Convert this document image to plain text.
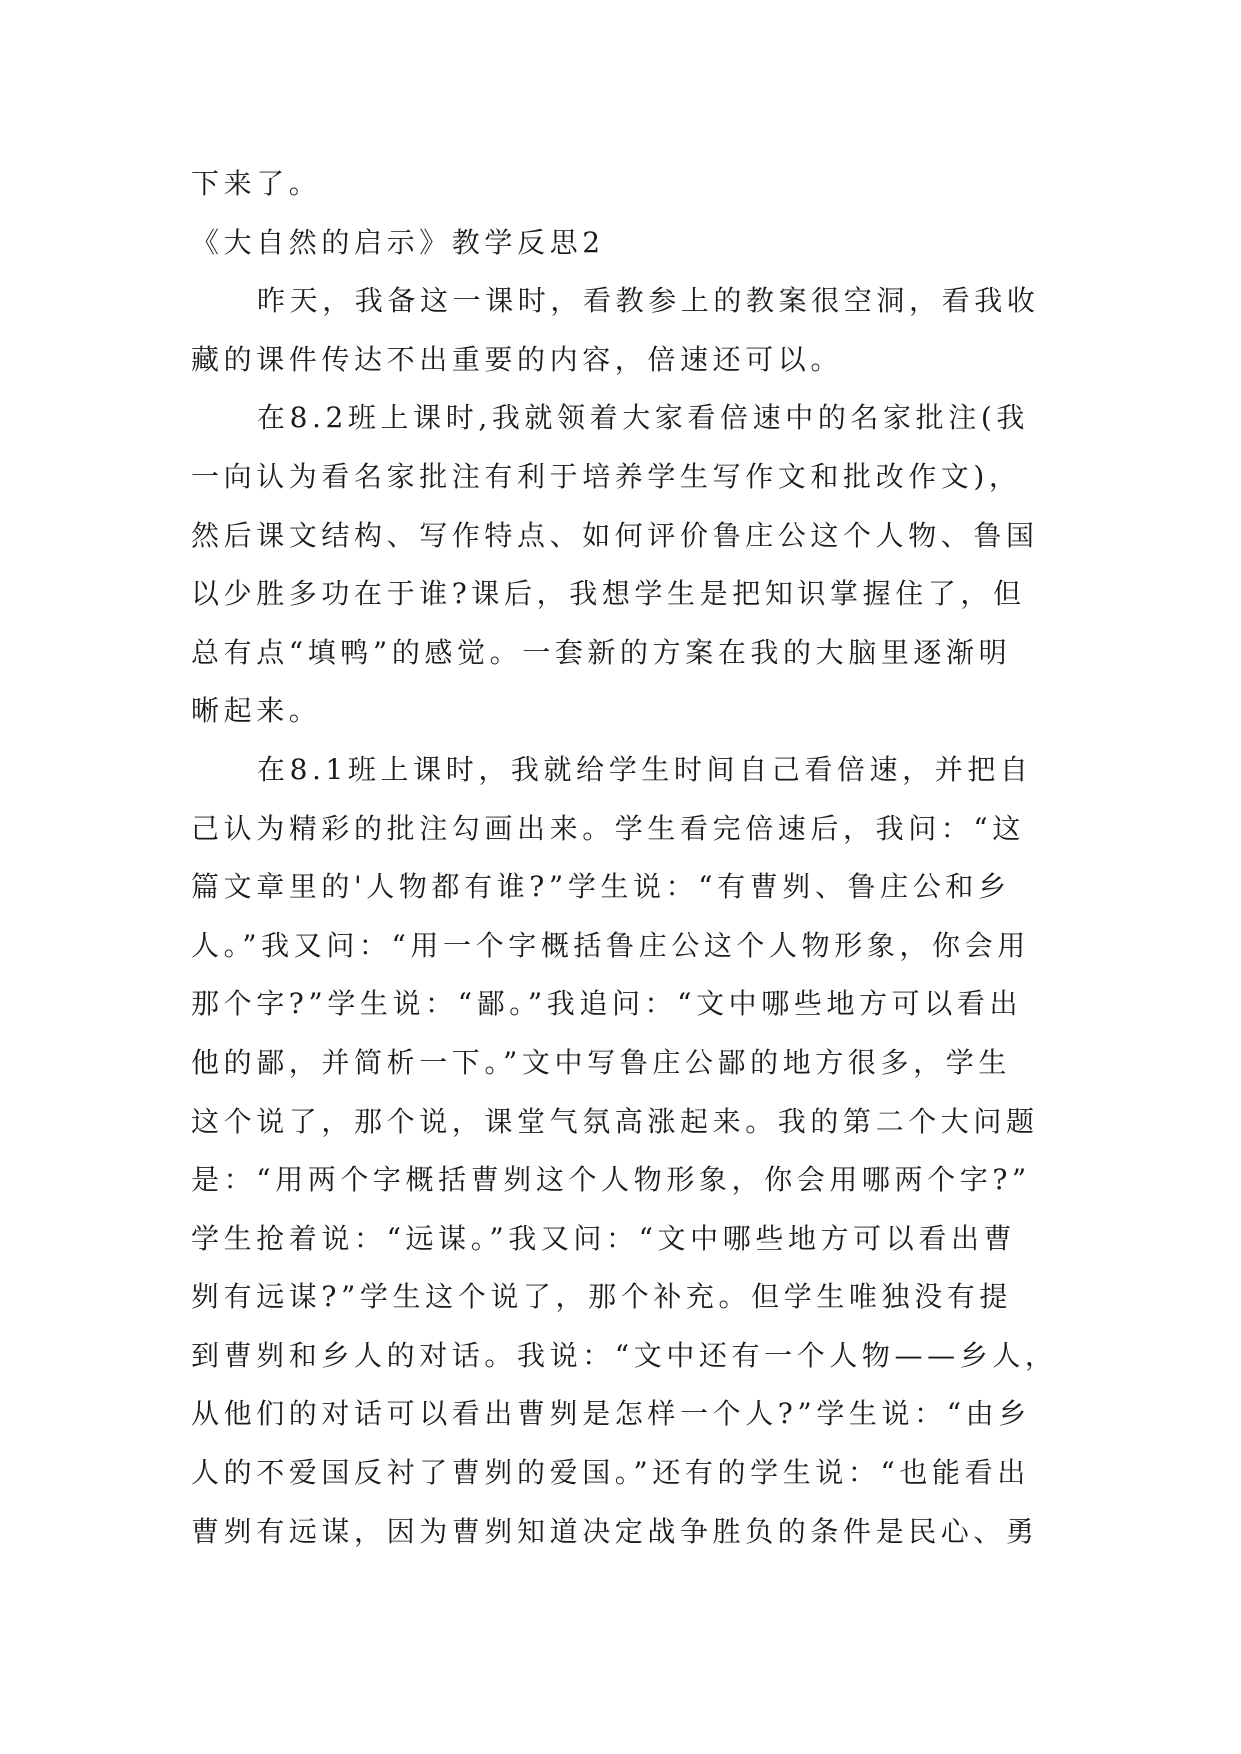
下来了。
《大自然的启示》教学反思2
昨天，我备这一课时，看教参上的教案很空洞，看我收
藏的课件传达不出重要的内容，倍速还可以。
在8.2班上课时,我就领着大家看倍速中的名家批注(我
一向认为看名家批注有利于培养学生写作文和批改作文)，
然后课文结构、写作特点、如何评价鲁庄公这个人物、鲁国
以少胜多功在于谁?课后，我想学生是把知识掌握住了，但
总有点“填鸭”的感觉。一套新的方案在我的大脑里逐渐明
晰起来。
在8.1班上课时，我就给学生时间自己看倍速，并把自
己认为精彩的批注勾画出来。学生看完倍速后，我问：“这
篇文章里的'人物都有谁?”学生说：“有曹刿、鲁庄公和乡
人。”我又问：“用一个字概括鲁庄公这个人物形象，你会用
那个字?”学生说：“鄙。”我追问：“文中哪些地方可以看出
他的鄙，并简析一下。”文中写鲁庄公鄙的地方很多，学生
这个说了，那个说，课堂气氛高涨起来。我的第二个大问题
是：“用两个字概括曹刿这个人物形象，你会用哪两个字?”
学生抢着说：“远谋。”我又问：“文中哪些地方可以看出曹
刿有远谋?”学生这个说了，那个补充。但学生唯独没有提
到曹刿和乡人的对话。我说：“文中还有一个人物——乡人，
从他们的对话可以看出曹刿是怎样一个人?”学生说：“由乡
人的不爱国反衬了曹刿的爱国。”还有的学生说：“也能看出
曹刿有远谋，因为曹刿知道决定战争胜负的条件是民心、勇
